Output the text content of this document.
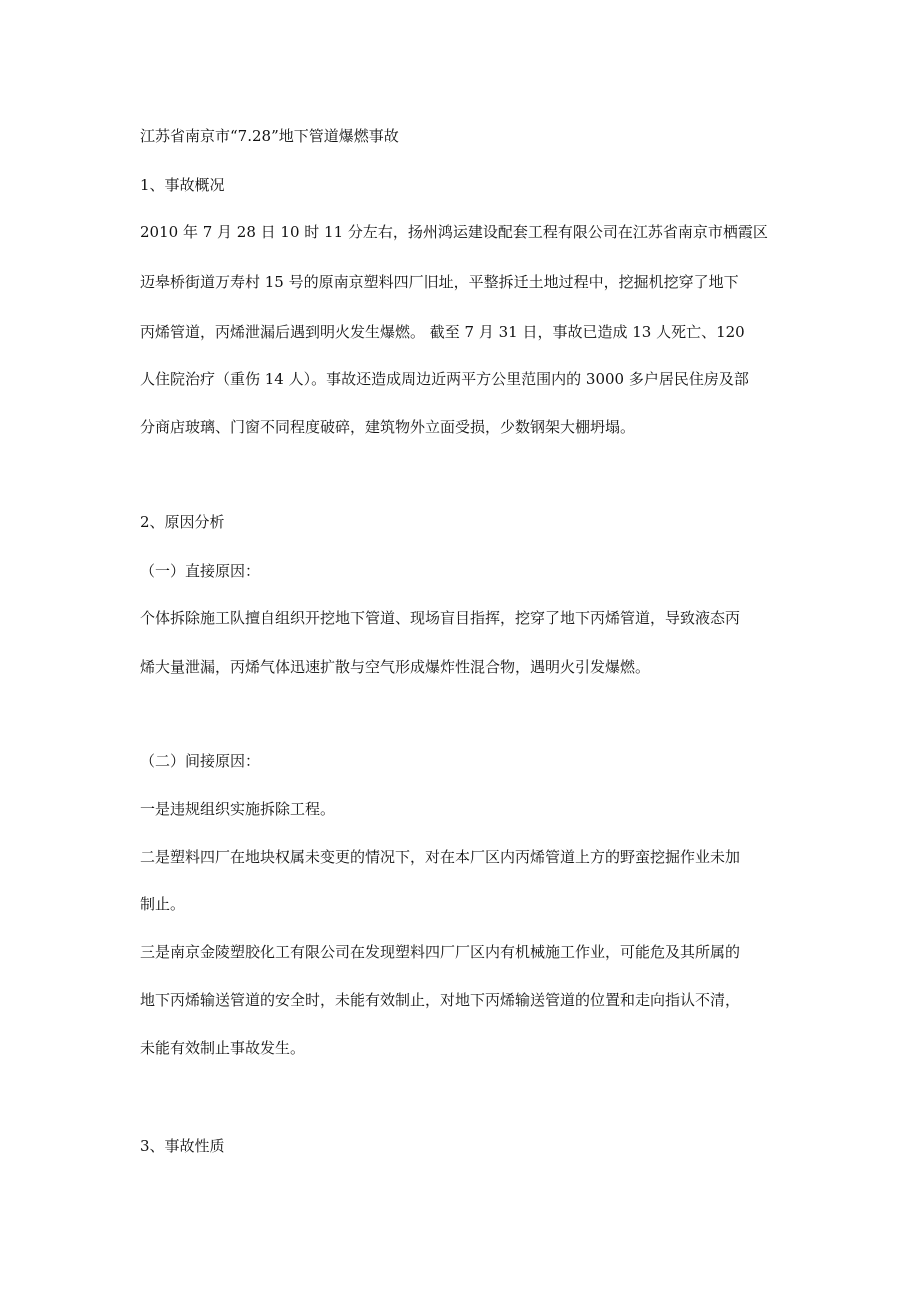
江苏省南京市“7.28”地下管道爆燃事故
1、事故概况
2010 年 7 月 28 日 10 时 11 分左右，扬州鸿运建设配套工程有限公司在江苏省南京市栖霞区
迈皋桥街道万寿村 15 号的原南京塑料四厂旧址，平整拆迁土地过程中，挖掘机挖穿了地下
丙烯管道，丙烯泄漏后遇到明火发生爆燃。 截至 7 月 31 日，事故已造成 13 人死亡、120
人住院治疗（重伤 14 人）。事故还造成周边近两平方公里范围内的 3000 多户居民住房及部
分商店玻璃、门窗不同程度破碎，建筑物外立面受损，少数钢架大棚坍塌。
2、原因分析
（一）直接原因：
个体拆除施工队擅自组织开挖地下管道、现场盲目指挥，挖穿了地下丙烯管道，导致液态丙
烯大量泄漏，丙烯气体迅速扩散与空气形成爆炸性混合物，遇明火引发爆燃。
（二）间接原因：
一是违规组织实施拆除工程。
二是塑料四厂在地块权属未变更的情况下，对在本厂区内丙烯管道上方的野蛮挖掘作业未加
制止。
三是南京金陵塑胶化工有限公司在发现塑料四厂厂区内有机械施工作业，可能危及其所属的
地下丙烯输送管道的安全时，未能有效制止，对地下丙烯输送管道的位置和走向指认不清，
未能有效制止事故发生。
3、事故性质
